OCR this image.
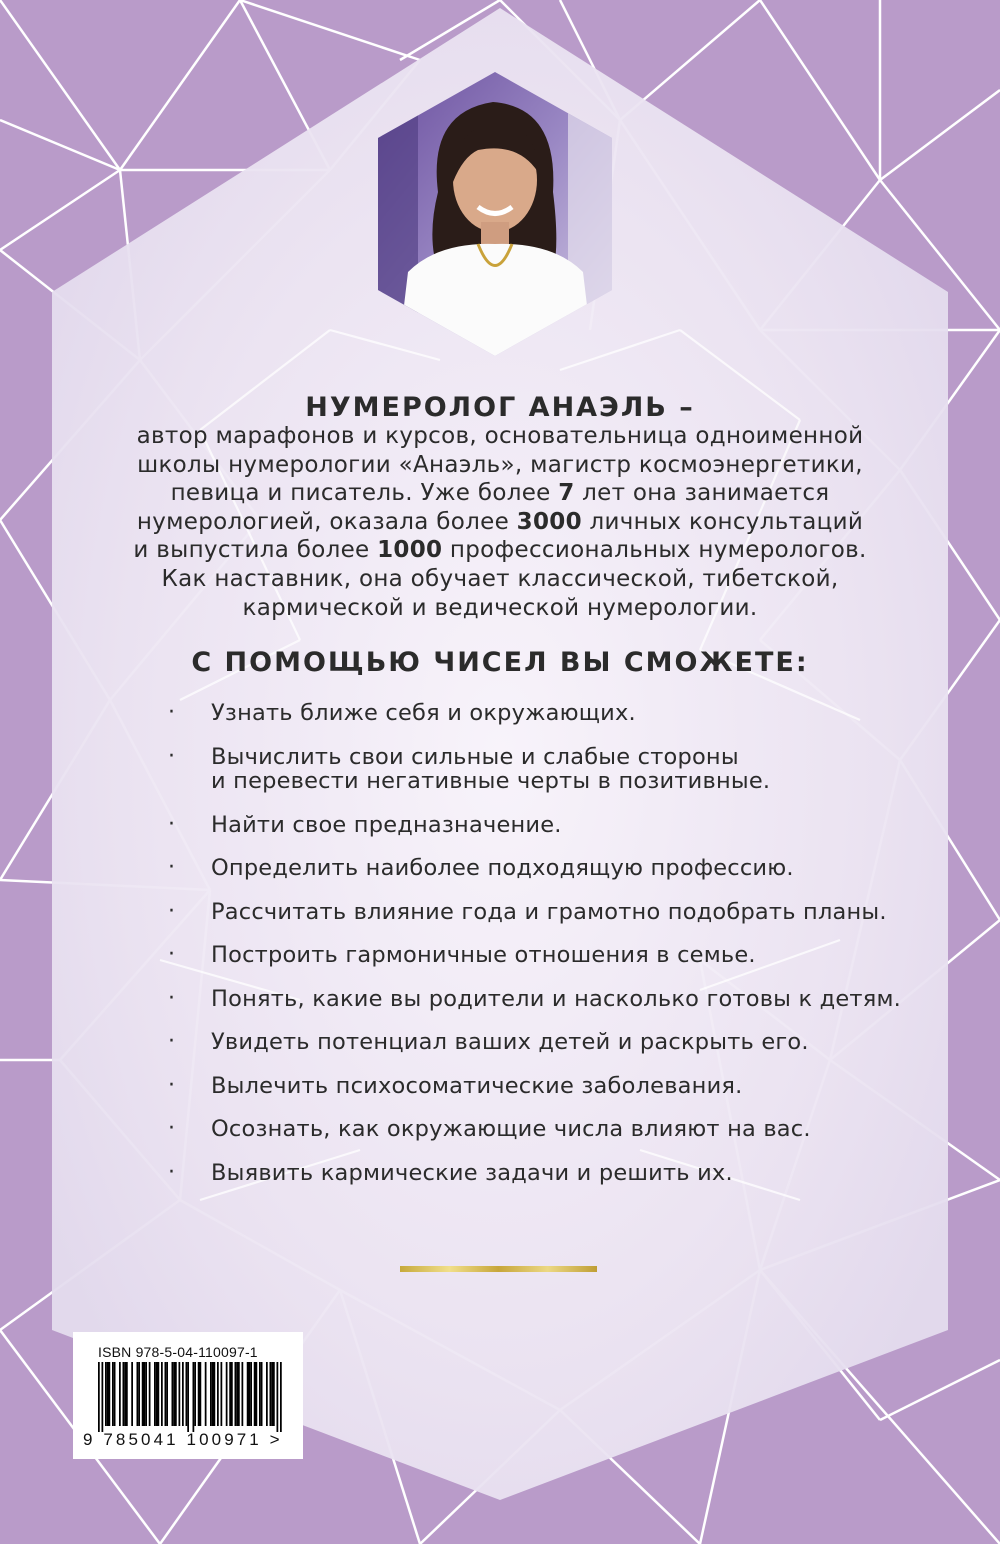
НУМЕРОЛОГ АНАЭЛЬ –

автор марафонов и курсов, основательница одноименной
школы нумерологии «Анаэль», магистр космоэнергетики,
певица и писатель. Уже более 7 лет она занимается
нумерологией, оказала более 3000 личных консультаций
и выпустила более 1000 профессиональных нумерологов.
Как наставник, она обучает классической, тибетской,
кармической и ведической нумерологии.

С ПОМОЩЬЮ ЧИСЕЛ ВЫ СМОЖЕТЕ:
· Узнать ближе себя и окружающих.
· Вычислить свои сильные и слабые стороны
и перевести негативные черты в позитивные.
· Найти свое предназначение.
· Определить наиболее подходящую профессию.
· Рассчитать влияние года и грамотно подобрать планы.
· Построить гармоничные отношения в семье.
· Понять, какие вы родители и насколько готовы к детям.
· Увидеть потенциал ваших детей и раскрыть его.
· Вылечить психосоматические заболевания.
· Осознать, как окружающие числа влияют на вас.
· Выявить кармические задачи и решить их.

ISBN 978-5-04-110097-1

9 785041 100971 >
